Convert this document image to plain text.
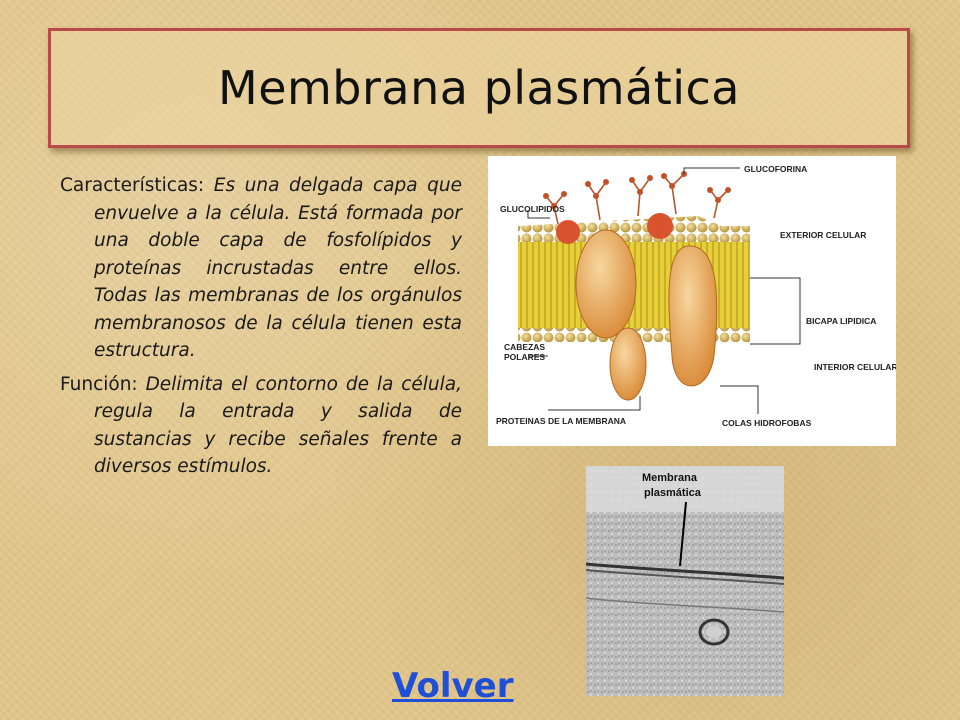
Membrana plasmática

Características: Es una delgada capa que envuelve a la célula. Está formada por una doble capa de fosfolípidos y proteínas incrustadas entre ellos. Todas las membranas de los orgánulos membranosos de la célula tienen esta estructura.

Función: Delimita el contorno de la célula, regula la entrada y salida de sustancias y recibe señales frente a diversos estímulos.

GLUCOFORINA
GLUCOLIPIDOS
EXTERIOR CELULAR
BICAPA LIPIDICA
CABEZAS
POLARES
INTERIOR CELULAR
PROTEINAS DE LA MEMBRANA	COLAS HIDROFOBAS
Membrana
plasmática
Volver
